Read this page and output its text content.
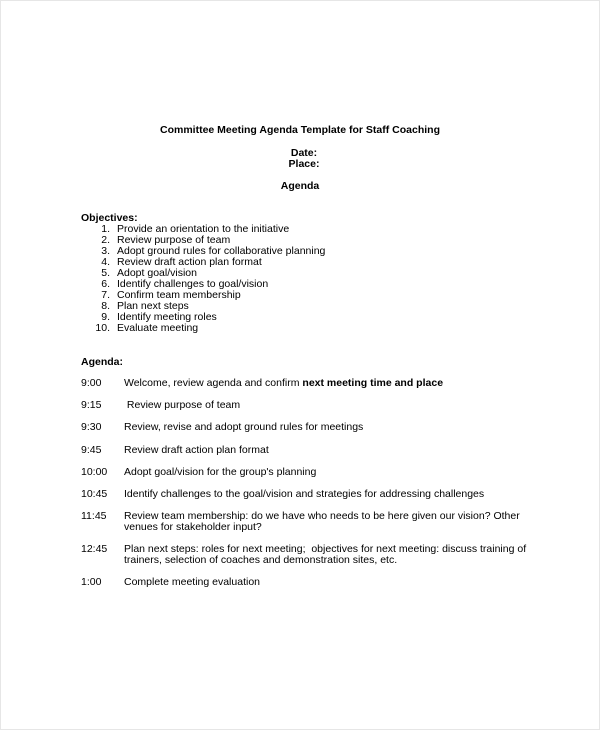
Committee Meeting Agenda Template for Staff Coaching
Date:
Place:
Agenda
Objectives:
1. Provide an orientation to the initiative
2. Review purpose of team
3. Adopt ground rules for collaborative planning
4. Review draft action plan format
5. Adopt goal/vision
6. Identify challenges to goal/vision
7. Confirm team membership
8. Plan next steps
9. Identify meeting roles
10. Evaluate meeting
Agenda:
9:00	Welcome, review agenda and confirm next meeting time and place
9:15	Review purpose of team
9:30	Review, revise and adopt ground rules for meetings
9:45	Review draft action plan format
10:00	Adopt goal/vision for the group's planning
10:45	Identify challenges to the goal/vision and strategies for addressing challenges
11:45	Review team membership: do we have who needs to be here given our vision? Other venues for stakeholder input?
12:45	Plan next steps: roles for next meeting;  objectives for next meeting: discuss training of trainers, selection of coaches and demonstration sites, etc.
1:00	Complete meeting evaluation
